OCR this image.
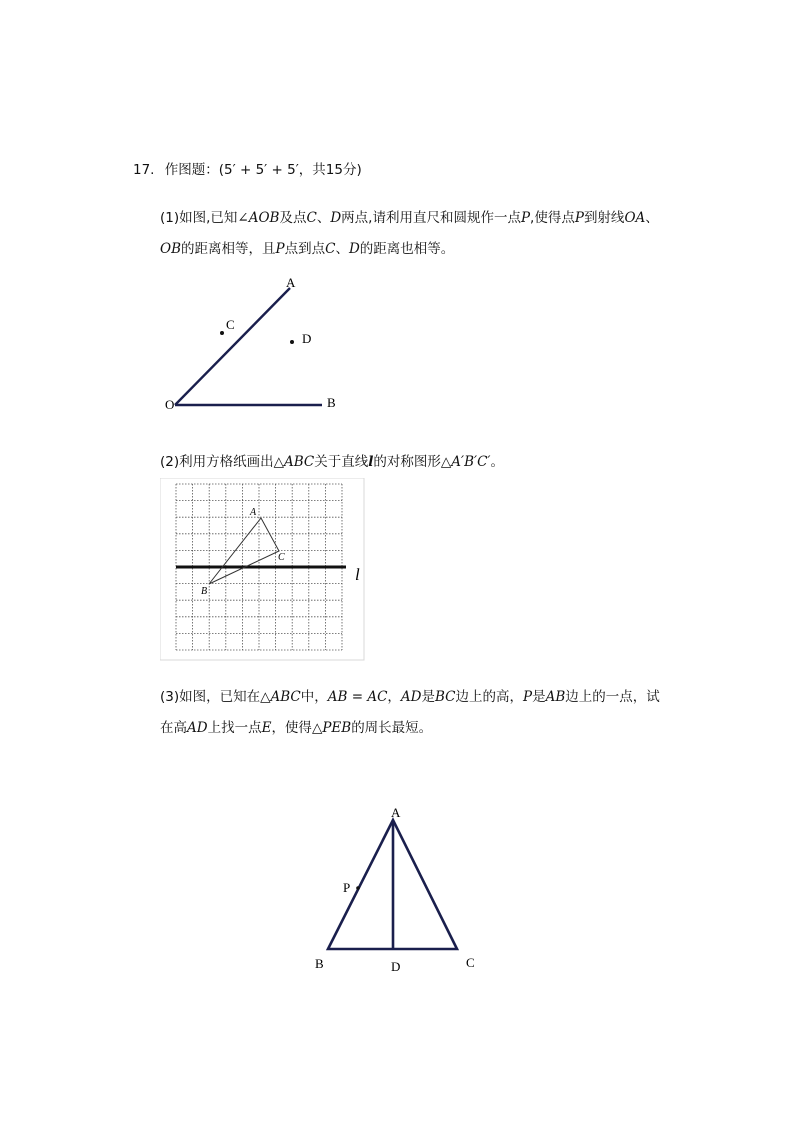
17. 作图题：(5′ + 5′ + 5′，共15分)
(1)如图,已知∠AOB及点C、D两点,请利用直尺和圆规作一点P,使得点P到射线OA、
OB的距离相等，且P点到点C、D的距离也相等。
A
B
O
C
D
(2)利用方格纸画出△ABC关于直线l的对称图形△A′B′C′。
A
C
B
l
(3)如图，已知在△ABC中，AB = AC，AD是BC边上的高，P是AB边上的一点，试
在高AD上找一点E，使得△PEB的周长最短。
A
P
B	D	C
